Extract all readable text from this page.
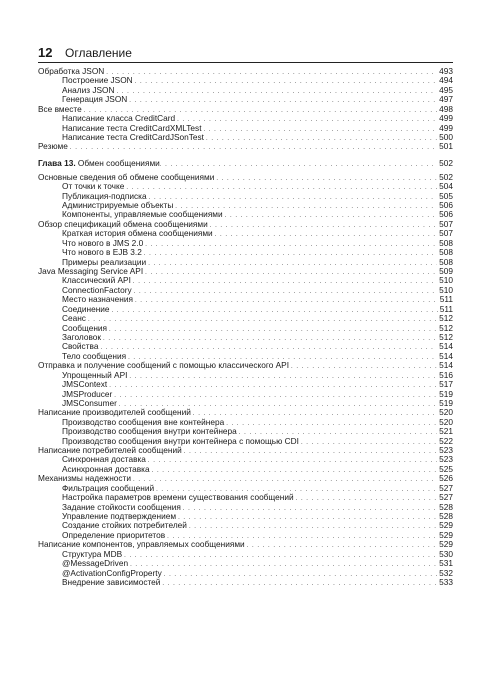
12 Оглавление
Обработка JSON . . .	493
Построение JSON . . .	494
Анализ JSON . . .	495
Генерация JSON . . .	497
Все вместе . . .	498
Написание класса CreditCard . . .	499
Написание теста CreditCardXMLTest . . .	499
Написание теста CreditCardJSonTest . . .	500
Резюме . . .	501
Глава 13. Обмен сообщениями . . .	502
Основные сведения об обмене сообщениями . . .	502
От точки к точке . . .	504
Публикация-подписка . . .	505
Администрируемые объекты . . .	506
Компоненты, управляемые сообщениями . . .	506
Обзор спецификаций обмена сообщениями . . .	507
Краткая история обмена сообщениями . . .	507
Что нового в JMS 2.0 . . .	508
Что нового в EJB 3.2 . . .	508
Примеры реализации . . .	508
Java Messaging Service API . . .	509
Классический API . . .	510
ConnectionFactory . . .	510
Место назначения . . .	511
Соединение . . .	511
Сеанс . . .	512
Сообщения . . .	512
Заголовок . . .	512
Свойства . . .	514
Тело сообщения . . .	514
Отправка и получение сообщений с помощью классического API . . .	514
Упрощенный API . . .	516
JMSContext . . .	517
JMSProducer . . .	519
JMSConsumer . . .	519
Написание производителей сообщений . . .	520
Производство сообщения вне контейнера . . .	520
Производство сообщения внутри контейнера . . .	521
Производство сообщения внутри контейнера с помощью CDI . . .	522
Написание потребителей сообщений . . .	523
Синхронная доставка . . .	523
Асинхронная доставка . . .	525
Механизмы надежности . . .	526
Фильтрация сообщений . . .	527
Настройка параметров времени существования сообщений . . .	527
Задание стойкости сообщения . . .	528
Управление подтверждением . . .	528
Создание стойких потребителей . . .	529
Определение приоритетов . . .	529
Написание компонентов, управляемых сообщениями . . .	529
Структура MDB . . .	530
@MessageDriven . . .	531
@ActivationConfigProperty . . .	532
Внедрение зависимостей . . .	533
